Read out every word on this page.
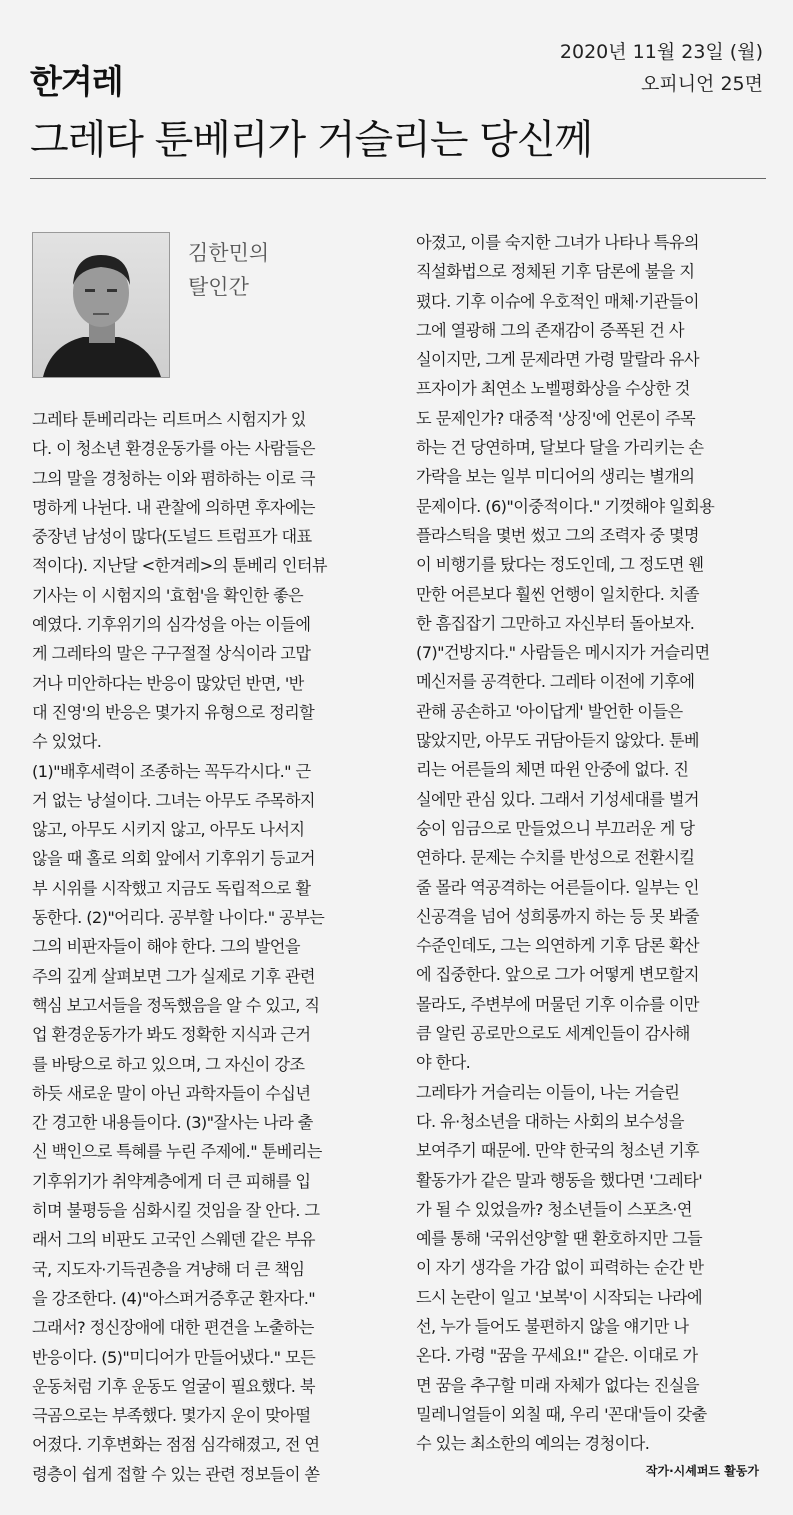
한겨레
2020년 11월 23일 (월)
오피니언 25면
그레타 툰베리가 거슬리는 당신께
김한민의
탈인간

그레타 툰베리라는 리트머스 시험지가 있

다. 이 청소년 환경운동가를 아는 사람들은

그의 말을 경청하는 이와 폄하하는 이로 극

명하게 나뉜다. 내 관찰에 의하면 후자에는

중장년 남성이 많다(도널드 트럼프가 대표

적이다). 지난달 <한겨레>의 툰베리 인터뷰

기사는 이 시험지의 '효험'을 확인한 좋은

예였다. 기후위기의 심각성을 아는 이들에

게 그레타의 말은 구구절절 상식이라 고맙

거나 미안하다는 반응이 많았던 반면, '반

대 진영'의 반응은 몇가지 유형으로 정리할

수 있었다.

(1)"배후세력이 조종하는 꼭두각시다." 근

거 없는 낭설이다. 그녀는 아무도 주목하지

않고, 아무도 시키지 않고, 아무도 나서지

않을 때 홀로 의회 앞에서 기후위기 등교거

부 시위를 시작했고 지금도 독립적으로 활

동한다. (2)"어리다. 공부할 나이다." 공부는

그의 비판자들이 해야 한다. 그의 발언을

주의 깊게 살펴보면 그가 실제로 기후 관련

핵심 보고서들을 정독했음을 알 수 있고, 직

업 환경운동가가 봐도 정확한 지식과 근거

를 바탕으로 하고 있으며, 그 자신이 강조

하듯 새로운 말이 아닌 과학자들이 수십년

간 경고한 내용들이다. (3)"잘사는 나라 출

신 백인으로 특혜를 누린 주제에." 툰베리는

기후위기가 취약계층에게 더 큰 피해를 입

히며 불평등을 심화시킬 것임을 잘 안다. 그

래서 그의 비판도 고국인 스웨덴 같은 부유

국, 지도자·기득권층을 겨냥해 더 큰 책임

을 강조한다. (4)"아스퍼거증후군 환자다."

그래서? 정신장애에 대한 편견을 노출하는

반응이다. (5)"미디어가 만들어냈다." 모든

운동처럼 기후 운동도 얼굴이 필요했다. 북

극곰으로는 부족했다. 몇가지 운이 맞아떨

어졌다. 기후변화는 점점 심각해졌고, 전 연

령층이 쉽게 접할 수 있는 관련 정보들이 쏟

아졌고, 이를 숙지한 그녀가 나타나 특유의

직설화법으로 정체된 기후 담론에 불을 지

폈다. 기후 이슈에 우호적인 매체·기관들이

그에 열광해 그의 존재감이 증폭된 건 사

실이지만, 그게 문제라면 가령 말랄라 유사

프자이가 최연소 노벨평화상을 수상한 것

도 문제인가? 대중적 '상징'에 언론이 주목

하는 건 당연하며, 달보다 달을 가리키는 손

가락을 보는 일부 미디어의 생리는 별개의

문제이다. (6)"이중적이다." 기껏해야 일회용

플라스틱을 몇번 썼고 그의 조력자 중 몇명

이 비행기를 탔다는 정도인데, 그 정도면 웬

만한 어른보다 훨씬 언행이 일치한다. 치졸

한 흠집잡기 그만하고 자신부터 돌아보자.

(7)"건방지다." 사람들은 메시지가 거슬리면

메신저를 공격한다. 그레타 이전에 기후에

관해 공손하고 '아이답게' 발언한 이들은

많았지만, 아무도 귀담아듣지 않았다. 툰베

리는 어른들의 체면 따윈 안중에 없다. 진

실에만 관심 있다. 그래서 기성세대를 벌거

숭이 임금으로 만들었으니 부끄러운 게 당

연하다. 문제는 수치를 반성으로 전환시킬

줄 몰라 역공격하는 어른들이다. 일부는 인

신공격을 넘어 성희롱까지 하는 등 못 봐줄

수준인데도, 그는 의연하게 기후 담론 확산

에 집중한다. 앞으로 그가 어떻게 변모할지

몰라도, 주변부에 머물던 기후 이슈를 이만

큼 알린 공로만으로도 세계인들이 감사해

야 한다.

그레타가 거슬리는 이들이, 나는 거슬린

다. 유·청소년을 대하는 사회의 보수성을

보여주기 때문에. 만약 한국의 청소년 기후

활동가가 같은 말과 행동을 했다면 '그레타'

가 될 수 있었을까? 청소년들이 스포츠·연

예를 통해 '국위선양'할 땐 환호하지만 그들

이 자기 생각을 가감 없이 피력하는 순간 반

드시 논란이 일고 '보복'이 시작되는 나라에

선, 누가 들어도 불편하지 않을 얘기만 나

온다. 가령 "꿈을 꾸세요!" 같은. 이대로 가

면 꿈을 추구할 미래 자체가 없다는 진실을

밀레니얼들이 외칠 때, 우리 '꼰대'들이 갖출

수 있는 최소한의 예의는 경청이다.

작가·시셰퍼드 활동가
